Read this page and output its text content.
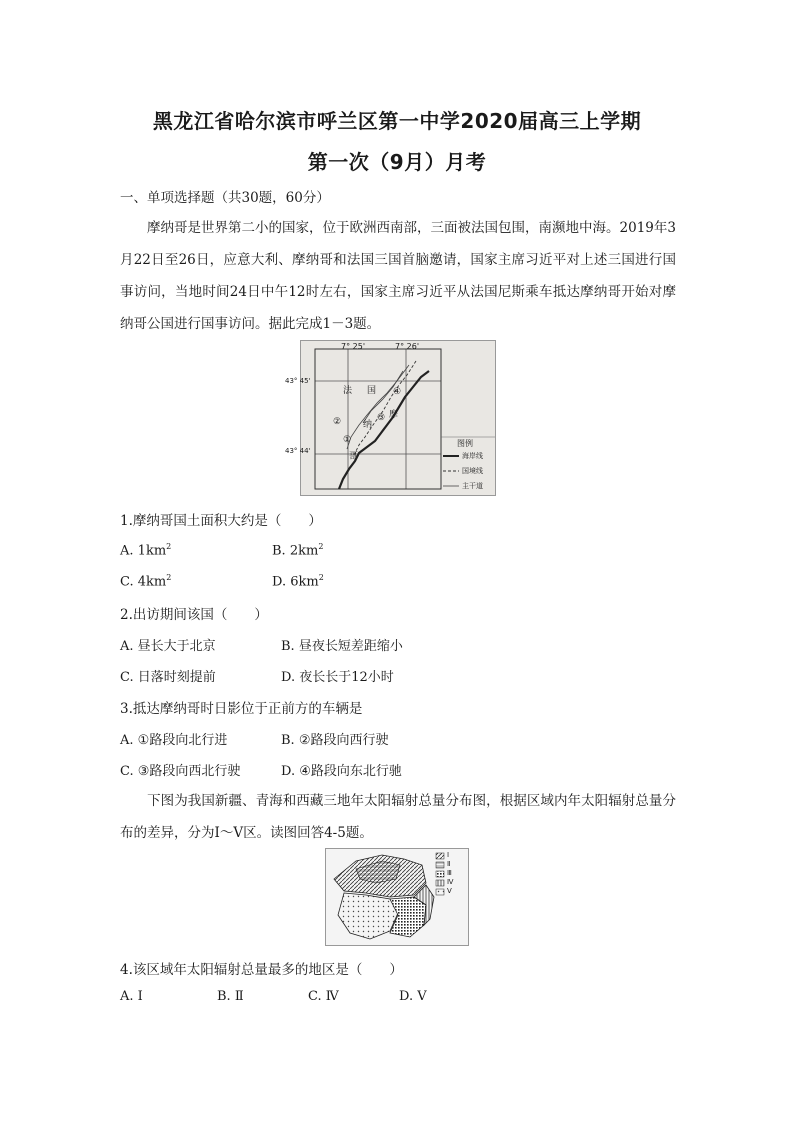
黑龙江省哈尔滨市呼兰区第一中学2020届高三上学期
第一次（9月）月考
一、单项选择题（共30题，60分）
摩纳哥是世界第二小的国家，位于欧洲西南部，三面被法国包围，南濒地中海。2019年3月22日至26日，应意大利、摩纳哥和法国三国首脑邀请，国家主席习近平对上述三国进行国事访问，当地时间24日中午12时左右，国家主席习近平从法国尼斯乘车抵达摩纳哥开始对摩纳哥公国进行国事访问。据此完成1－3题。
7° 25'	7° 26'
43° 45'
43° 44'
法 国
摩
纳
哥
①
②	③
④
图例
海岸线
国境线
主干道
1.摩纳哥国土面积大约是（　　）
A. $1km^2$	B. $2km^2$
C. $4km^2$	D. $6km^2$
2.出访期间该国（　　）
A. 昼长大于北京	B. 昼夜长短差距缩小
C. 日落时刻提前	D. 夜长长于12小时
3.抵达摩纳哥时日影位于正前方的车辆是
A. ①路段向北行进	B. ②路段向西行驶
C. ③路段向西北行驶	D. ④路段向东北行驰
下图为我国新疆、青海和西藏三地年太阳辐射总量分布图，根据区域内年太阳辐射总量分布的差异，分为Ⅰ～Ⅴ区。读图回答4-5题。
Ⅰ
Ⅱ
Ⅲ
Ⅳ
Ⅴ
4.该区域年太阳辐射总量最多的地区是（　　）
A. Ⅰ	B. Ⅱ	C. Ⅳ	D. Ⅴ
